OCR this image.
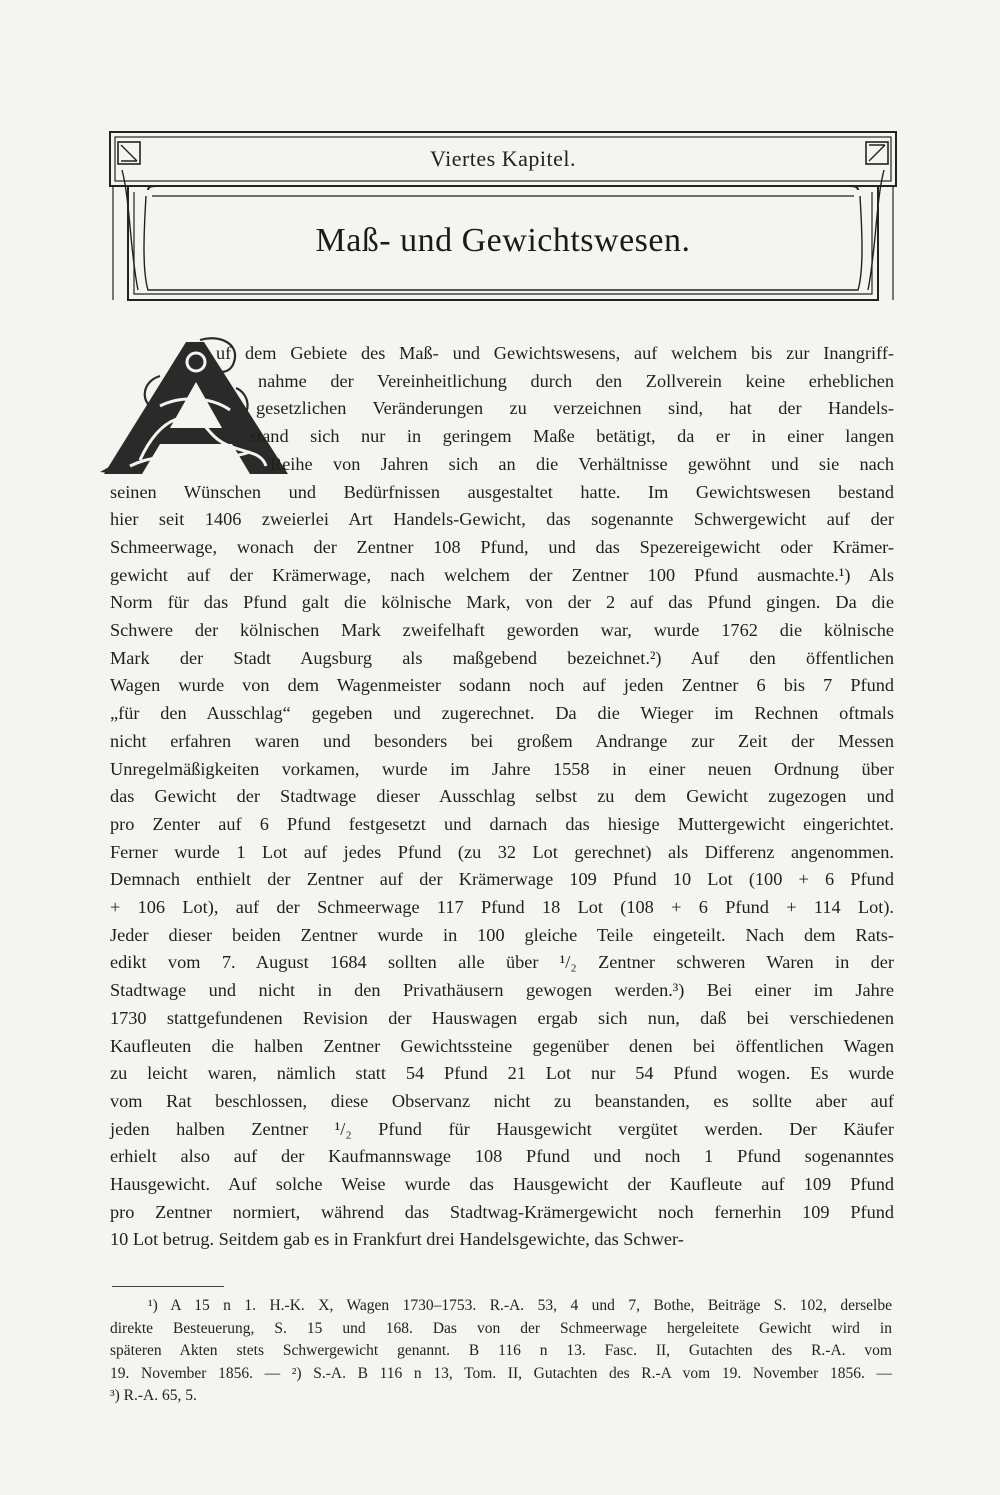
Viertes Kapitel.
Maß- und Gewichtswesen.
uf dem Gebiete des Maß- und Gewichtswesens, auf welchem bis zur Inangriff-
nahme der Vereinheitlichung durch den Zollverein keine erheblichen
gesetzlichen Veränderungen zu verzeichnen sind, hat der Handels-
stand sich nur in geringem Maße betätigt, da er in einer langen
Reihe von Jahren sich an die Verhältnisse gewöhnt und sie nach
seinen Wünschen und Bedürfnissen ausgestaltet hatte. Im Gewichtswesen bestand
hier seit 1406 zweierlei Art Handels-Gewicht, das sogenannte Schwergewicht auf der
Schmeerwage, wonach der Zentner 108 Pfund, und das Spezereigewicht oder Krämer-
gewicht auf der Krämerwage, nach welchem der Zentner 100 Pfund ausmachte.¹) Als
Norm für das Pfund galt die kölnische Mark, von der 2 auf das Pfund gingen. Da die
Schwere der kölnischen Mark zweifelhaft geworden war, wurde 1762 die kölnische
Mark der Stadt Augsburg als maßgebend bezeichnet.²) Auf den öffentlichen
Wagen wurde von dem Wagenmeister sodann noch auf jeden Zentner 6 bis 7 Pfund
„für den Ausschlag“ gegeben und zugerechnet. Da die Wieger im Rechnen oftmals
nicht erfahren waren und besonders bei großem Andrange zur Zeit der Messen
Unregelmäßigkeiten vorkamen, wurde im Jahre 1558 in einer neuen Ordnung über
das Gewicht der Stadtwage dieser Ausschlag selbst zu dem Gewicht zugezogen und
pro Zenter auf 6 Pfund festgesetzt und darnach das hiesige Muttergewicht eingerichtet.
Ferner wurde 1 Lot auf jedes Pfund (zu 32 Lot gerechnet) als Differenz angenommen.
Demnach enthielt der Zentner auf der Krämerwage 109 Pfund 10 Lot (100 + 6 Pfund
+ 106 Lot), auf der Schmeerwage 117 Pfund 18 Lot (108 + 6 Pfund + 114 Lot).
Jeder dieser beiden Zentner wurde in 100 gleiche Teile eingeteilt. Nach dem Rats-
edikt vom 7. August 1684 sollten alle über ¹/₂ Zentner schweren Waren in der
Stadtwage und nicht in den Privathäusern gewogen werden.³) Bei einer im Jahre
1730 stattgefundenen Revision der Hauswagen ergab sich nun, daß bei verschiedenen
Kaufleuten die halben Zentner Gewichtssteine gegenüber denen bei öffentlichen Wagen
zu leicht waren, nämlich statt 54 Pfund 21 Lot nur 54 Pfund wogen. Es wurde
vom Rat beschlossen, diese Observanz nicht zu beanstanden, es sollte aber auf
jeden halben Zentner ¹/₂ Pfund für Hausgewicht vergütet werden. Der Käufer
erhielt also auf der Kaufmannswage 108 Pfund und noch 1 Pfund sogenanntes
Hausgewicht. Auf solche Weise wurde das Hausgewicht der Kaufleute auf 109 Pfund
pro Zentner normiert, während das Stadtwag-Krämergewicht noch fernerhin 109 Pfund
10 Lot betrug. Seitdem gab es in Frankfurt drei Handelsgewichte, das Schwer-
¹) A 15 n 1. H.-K. X, Wagen 1730–1753. R.-A. 53, 4 und 7, Bothe, Beiträge S. 102, derselbe
direkte Besteuerung, S. 15 und 168. Das von der Schmeerwage hergeleitete Gewicht wird in
späteren Akten stets Schwergewicht genannt. B 116 n 13. Fasc. II, Gutachten des R.-A. vom
19. November 1856. — ²) S.-A. B 116 n 13, Tom. II, Gutachten des R.-A vom 19. November 1856. —
³) R.-A. 65, 5.
